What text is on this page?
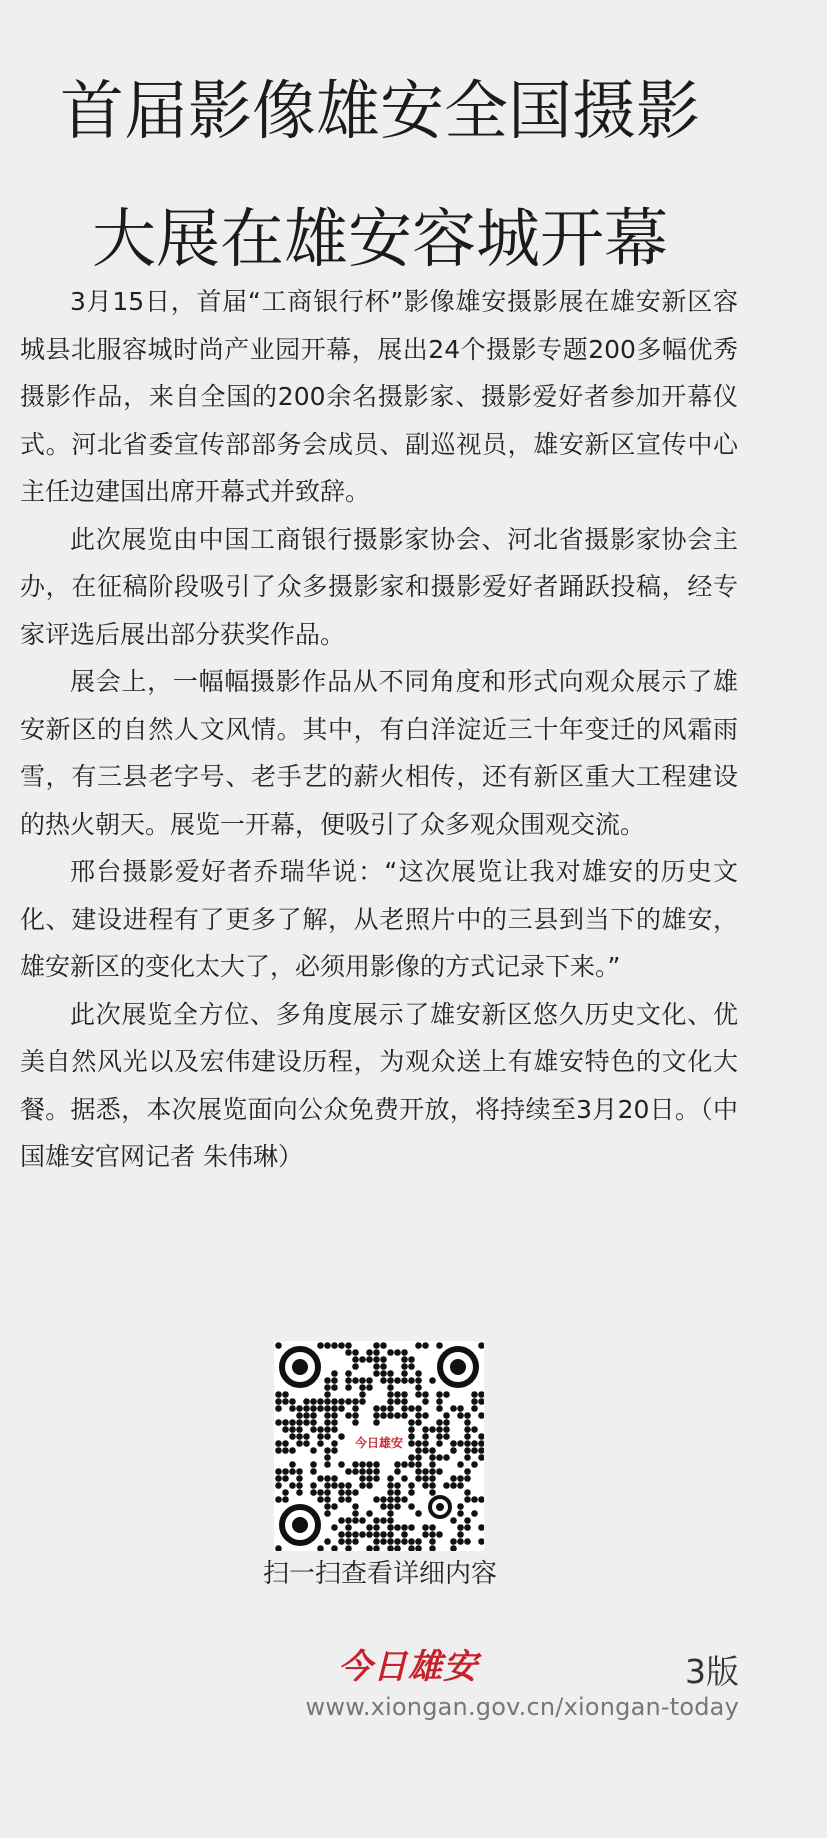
首届影像雄安全国摄影
大展在雄安容城开幕

3月15日，首届“工商银行杯”影像雄安摄影展在雄安新区容城县北服容城时尚产业园开幕，展出24个摄影专题200多幅优秀摄影作品，来自全国的200余名摄影家、摄影爱好者参加开幕仪式。河北省委宣传部部务会成员、副巡视员，雄安新区宣传中心主任边建国出席开幕式并致辞。

此次展览由中国工商银行摄影家协会、河北省摄影家协会主办，在征稿阶段吸引了众多摄影家和摄影爱好者踊跃投稿，经专家评选后展出部分获奖作品。

展会上，一幅幅摄影作品从不同角度和形式向观众展示了雄安新区的自然人文风情。其中，有白洋淀近三十年变迁的风霜雨雪，有三县老字号、老手艺的薪火相传，还有新区重大工程建设的热火朝天。展览一开幕，便吸引了众多观众围观交流。

邢台摄影爱好者乔瑞华说：“这次展览让我对雄安的历史文化、建设进程有了更多了解，从老照片中的三县到当下的雄安，雄安新区的变化太大了，必须用影像的方式记录下来。”

此次展览全方位、多角度展示了雄安新区悠久历史文化、优美自然风光以及宏伟建设历程，为观众送上有雄安特色的文化大餐。据悉，本次展览面向公众免费开放，将持续至3月20日。（中国雄安官网记者 朱伟琳）

今日雄安
扫一扫查看详细内容
今日雄安	3版
www.xiongan.gov.cn/xiongan-today
